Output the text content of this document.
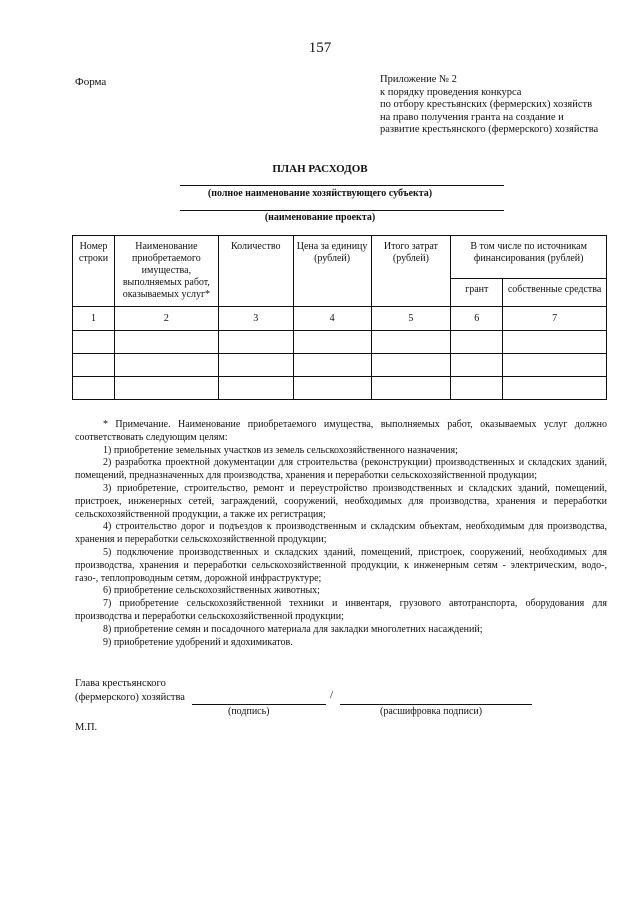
157
Форма	Приложение № 2
к порядку проведения конкурса
по отбору крестьянских (фермерских) хозяйств
на право получения гранта на создание и
развитие крестьянского (фермерского) хозяйства
ПЛАН РАСХОДОВ
(полное наименование хозяйствующего субъекта)
(наименование проекта)
Номер строки	Наименование приобретаемого имущества, выполняемых работ, оказываемых услуг*	Количество	Цена за единицу (рублей)	Итого затрат (рублей)	В том числе по источникам финансирования (рублей)	
					грант	собственные средства
1	2	3	4	5	6	7

* Примечание. Наименование приобретаемого имущества, выполняемых работ, оказываемых услуг должно соответствовать следующим целям:

1) приобретение земельных участков из земель сельскохозяйственного назначения;

2) разработка проектной документации для строительства (реконструкции) производственных и складских зданий, помещений, предназначенных для производства, хранения и переработки сельскохозяйственной продукции;

3) приобретение, строительство, ремонт и переустройство производственных и складских зданий, помещений, пристроек, инженерных сетей, заграждений, сооружений, необходимых для производства, хранения и переработки сельскохозяйственной продукции, а также их регистрация;

4) строительство дорог и подъездов к производственным и складским объектам, необходимым для производства, хранения и переработки сельскохозяйственной продукции;

5) подключение производственных и складских зданий, помещений, пристроек, сооружений, необходимых для производства, хранения и переработки сельскохозяйственной продукции, к инженерным сетям - электрическим, водо-, газо-, теплопроводным сетям, дорожной инфраструктуре;

6) приобретение сельскохозяйственных животных;

7) приобретение сельскохозяйственной техники и инвентаря, грузового автотранспорта, оборудования для производства и переработки сельскохозяйственной продукции;

8) приобретение семян и посадочного материала для закладки многолетних насаждений;

9) приобретение удобрений и ядохимикатов.

Глава крестьянского
(фермерского) хозяйства	/
(подпись)	(расшифровка подписи)
М.П.
